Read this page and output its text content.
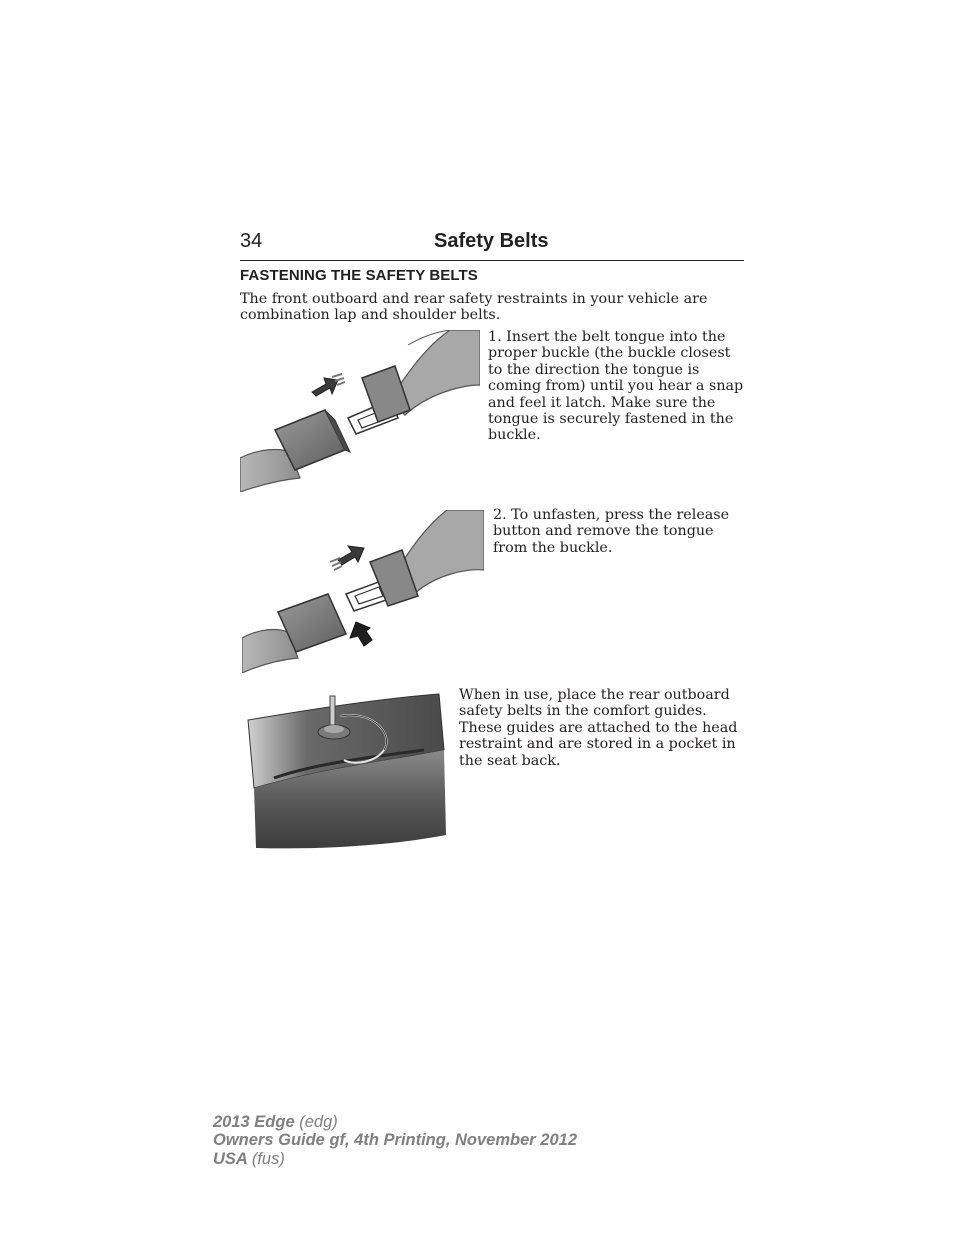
34	Safety Belts
FASTENING THE SAFETY BELTS
The front outboard and rear safety restraints in your vehicle are combination lap and shoulder belts.
1. Insert the belt tongue into the proper buckle (the buckle closest to the direction the tongue is coming from) until you hear a snap and feel it latch. Make sure the tongue is securely fastened in the buckle.
2. To unfasten, press the release button and remove the tongue from the buckle.
When in use, place the rear outboard safety belts in the comfort guides. These guides are attached to the head restraint and are stored in a pocket in the seat back.
2013 Edge (edg)
Owners Guide gf, 4th Printing, November 2012
USA (fus)
